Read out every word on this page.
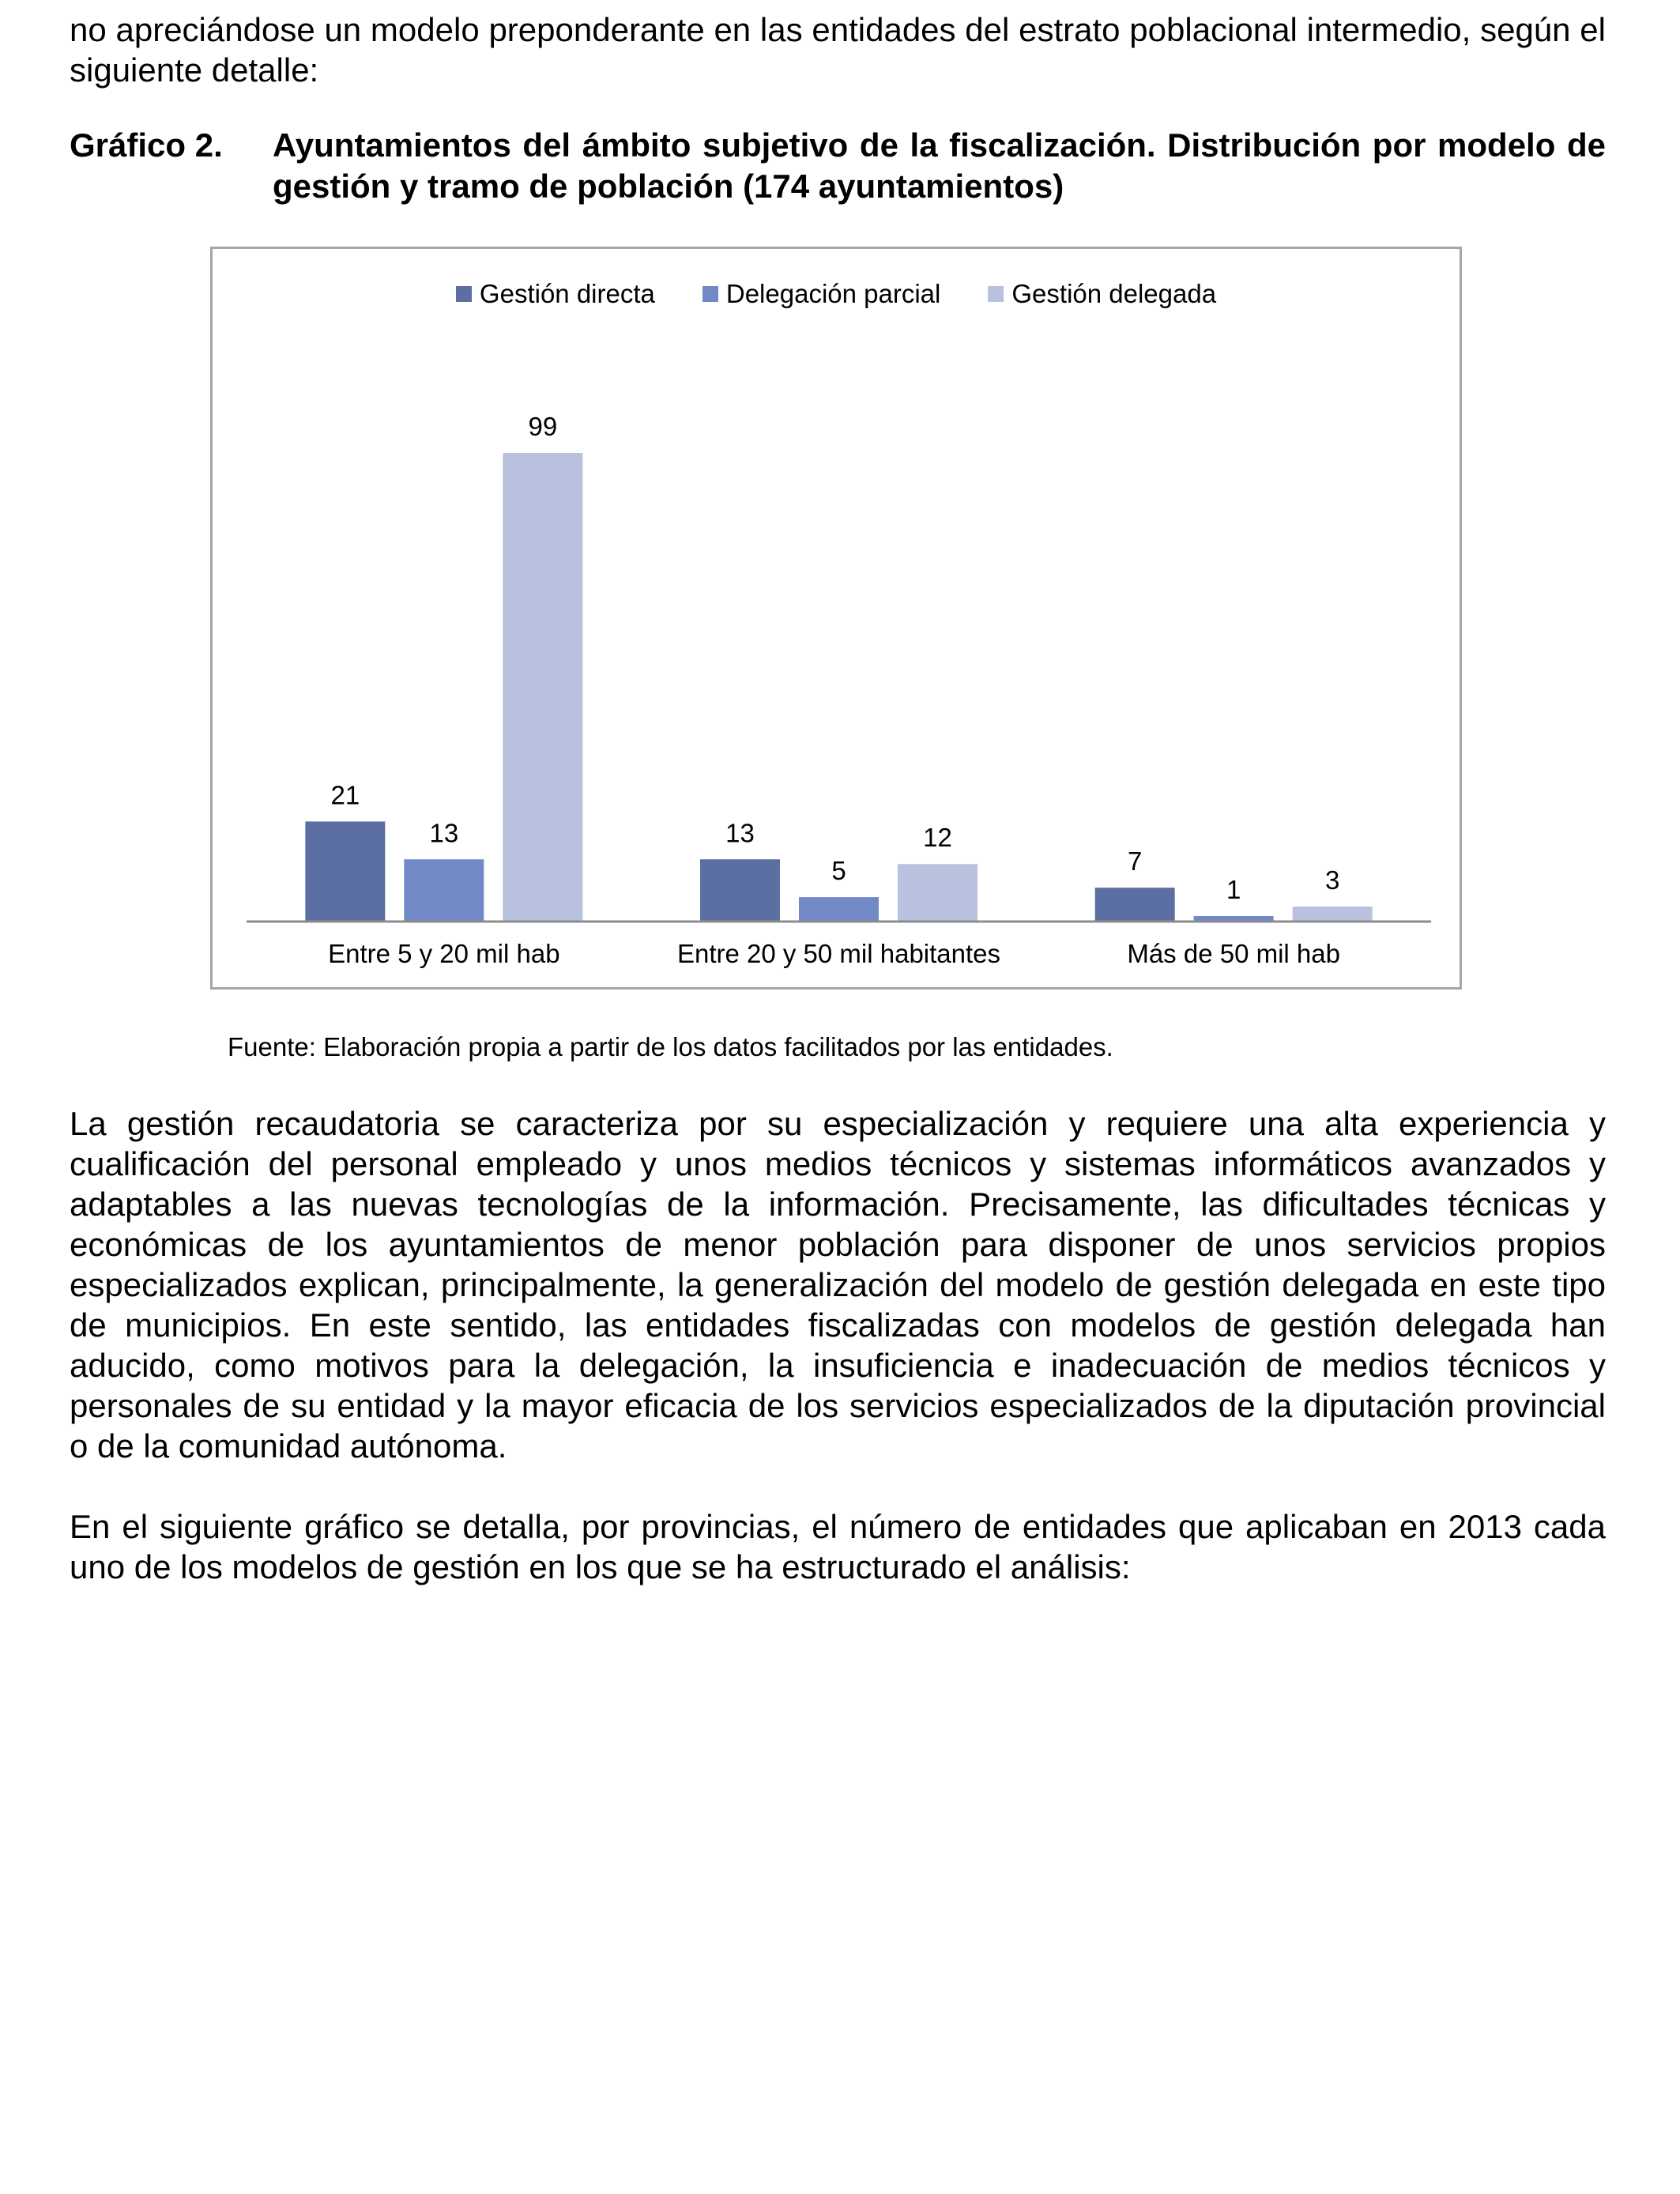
no apreciándose un modelo preponderante en las entidades del estrato poblacional intermedio, según el siguiente detalle:

Gráfico 2. Ayuntamientos del ámbito subjetivo de la fiscalización. Distribución por modelo de gestión y tramo de población (174 ayuntamientos)
Gestión directa	Delegación parcial	Gestión delegada
21
13
99
Entre 5 y 20 mil hab
13
5
12
Entre 20 y 50 mil habitantes
7
1	3
Más de 50 mil hab
Fuente: Elaboración propia a partir de los datos facilitados por las entidades.

La gestión recaudatoria se caracteriza por su especialización y requiere una alta experiencia y cualificación del personal empleado y unos medios técnicos y sistemas informáticos avanzados y adaptables a las nuevas tecnologías de la información. Precisamente, las dificultades técnicas y económicas de los ayuntamientos de menor población para disponer de unos servicios propios especializados explican, principalmente, la generalización del modelo de gestión delegada en este tipo de municipios. En este sentido, las entidades fiscalizadas con modelos de gestión delegada han aducido, como motivos para la delegación, la insuficiencia e inadecuación de medios técnicos y personales de su entidad y la mayor eficacia de los servicios especializados de la diputación provincial o de la comunidad autónoma.

En el siguiente gráfico se detalla, por provincias, el número de entidades que aplicaban en 2013 cada uno de los modelos de gestión en los que se ha estructurado el análisis:
